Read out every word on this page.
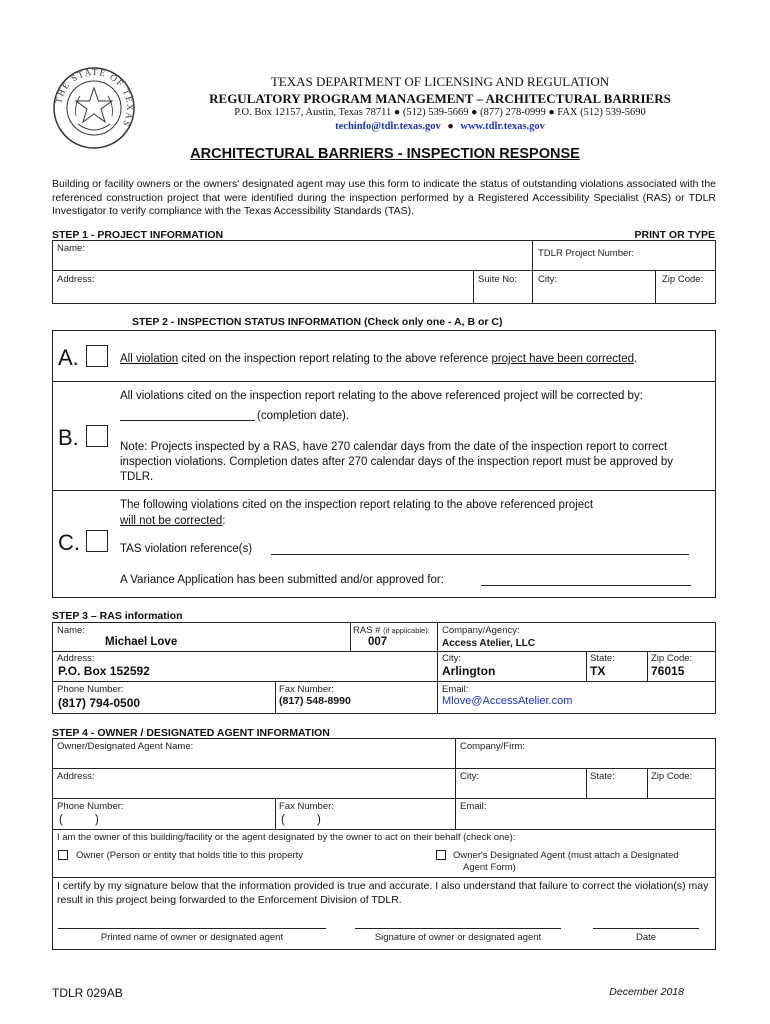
THE STATE OF TEXAS
TEXAS DEPARTMENT OF LICENSING AND REGULATION
REGULATORY PROGRAM MANAGEMENT – ARCHITECTURAL BARRIERS
P.O. Box 12157, Austin, Texas 78711 ● (512) 539-5669 ● (877) 278-0999 ● FAX (512) 539-5690
techinfo@tdlr.texas.gov ● www.tdlr.texas.gov
ARCHITECTURAL BARRIERS - INSPECTION RESPONSE
Building or facility owners or the owners' designated agent may use this form to indicate the status of outstanding violations associated with the referenced construction project that were identified during the inspection performed by a Registered Accessibility Specialist (RAS) or TDLR Investigator to verify compliance with the Texas Accessibility Standards (TAS).
STEP 1 - PROJECT INFORMATION	PRINT OR TYPE
Name:	TDLR Project Number:
Address:	Suite No: City:	Zip Code:
STEP 2 - INSPECTION STATUS INFORMATION (Check only one - A, B or C)
A.	All violation cited on the inspection report relating to the above reference project have been corrected.
All violations cited on the inspection report relating to the above referenced project will be corrected by:
(completion date).
B.	Note: Projects inspected by a RAS, have 270 calendar days from the date of the inspection report to correct inspection violations. Completion dates after 270 calendar days of the inspection report must be approved by TDLR.
The following violations cited on the inspection report relating to the above referenced project
will not be corrected:
C.	TAS violation reference(s)
A Variance Application has been submitted and/or approved for:
STEP 3 – RAS information
Name:
Michael Love
RAS # (if applicable):
007
Company/Agency:
Access Atelier, LLC
Address:
P.O. Box 152592
City:
Arlington
State:
TX
Zip Code:
76015
Phone Number:
(817) 794-0500
Fax Number:
(817) 548-8990
Email:
Mlove@AccessAtelier.com
STEP 4 - OWNER / DESIGNATED AGENT INFORMATION
Owner/Designated Agent Name:	Company/Firm:
Address:	City:	State:	Zip Code:
Phone Number:
(	)
Fax Number:
(	)
Email:
I am the owner of this building/facility or the agent designated by the owner to act on their behalf (check one):
Owner (Person or entity that holds title to this property	Owner's Designated Agent (must attach a Designated
Agent Form)
I certify by my signature below that the information provided is true and accurate. I also understand that failure to correct the violation(s) may result in this project being forwarded to the Enforcement Division of TDLR.
Printed name of owner or designated agent	Signature of owner or designated agent	Date
TDLR 029AB	December 2018
